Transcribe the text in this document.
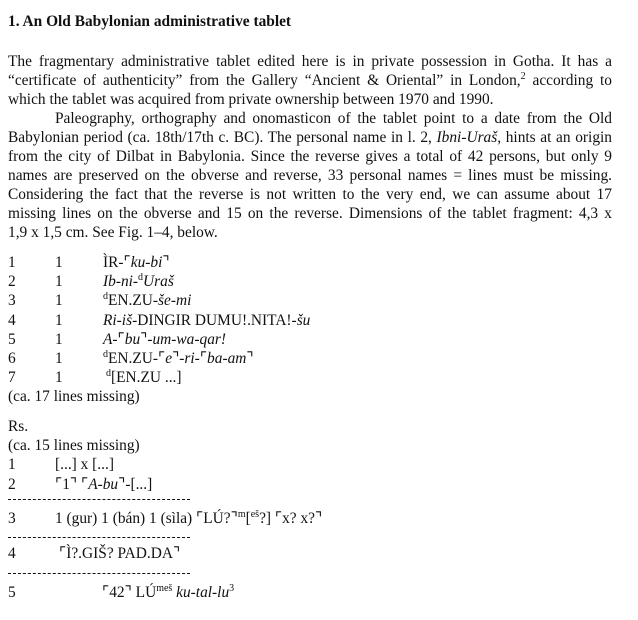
1. An Old Babylonian administrative tablet
The fragmentary administrative tablet edited here is in private possession in Gotha. It has a
“certificate of authenticity” from the Gallery “Ancient & Oriental” in London,$^2$ according to
which the tablet was acquired from private ownership between 1970 and 1990.
Paleography, orthography and onomasticon of the tablet point to a date from the Old
Babylonian period (ca. 18th/17th c. BC). The personal name in l. 2, Ibni-Uraš, hints at an origin
from the city of Dilbat in Babylonia. Since the reverse gives a total of 42 persons, but only 9
names are preserved on the obverse and reverse, 33 personal names = lines must be missing.
Considering the fact that the reverse is not written to the very end, we can assume about 17
missing lines on the obverse and 15 on the reverse. Dimensions of the tablet fragment: 4,3 x
1,9 x 1,5 cm. See Fig. 1–4, below.
1	1	ÌR-⌜ku-bi⌝
2	1	Ib-ni-$^d$Uraš
3	1	$^d$EN.ZU-še-mi
4	1	Ri-iš-DINGIR DUMU!.NITA!-šu
5	1	A-⌜bu⌝-um-wa-qar!
6	1	$^d$EN.ZU-⌜e⌝-ri-⌜ba-am⌝
7	1	$^d$[EN.ZU ...]
(ca. 17 lines missing)
Rs.
(ca. 15 lines missing)
1	[...] x [...]
2	⌜1⌝ ⌜A-bu⌝-[...]
3	1 (gur) 1 (bán) 1 (sìla) ⌜LÚ?⌝$^m$[$^{eš}$?] ⌜x? x?⌝
4	⌜Ì?.GIŠ? PAD.DA⌝
5	⌜42⌝ $LÚ^{meš}$ $ku-tal-lu^3$
